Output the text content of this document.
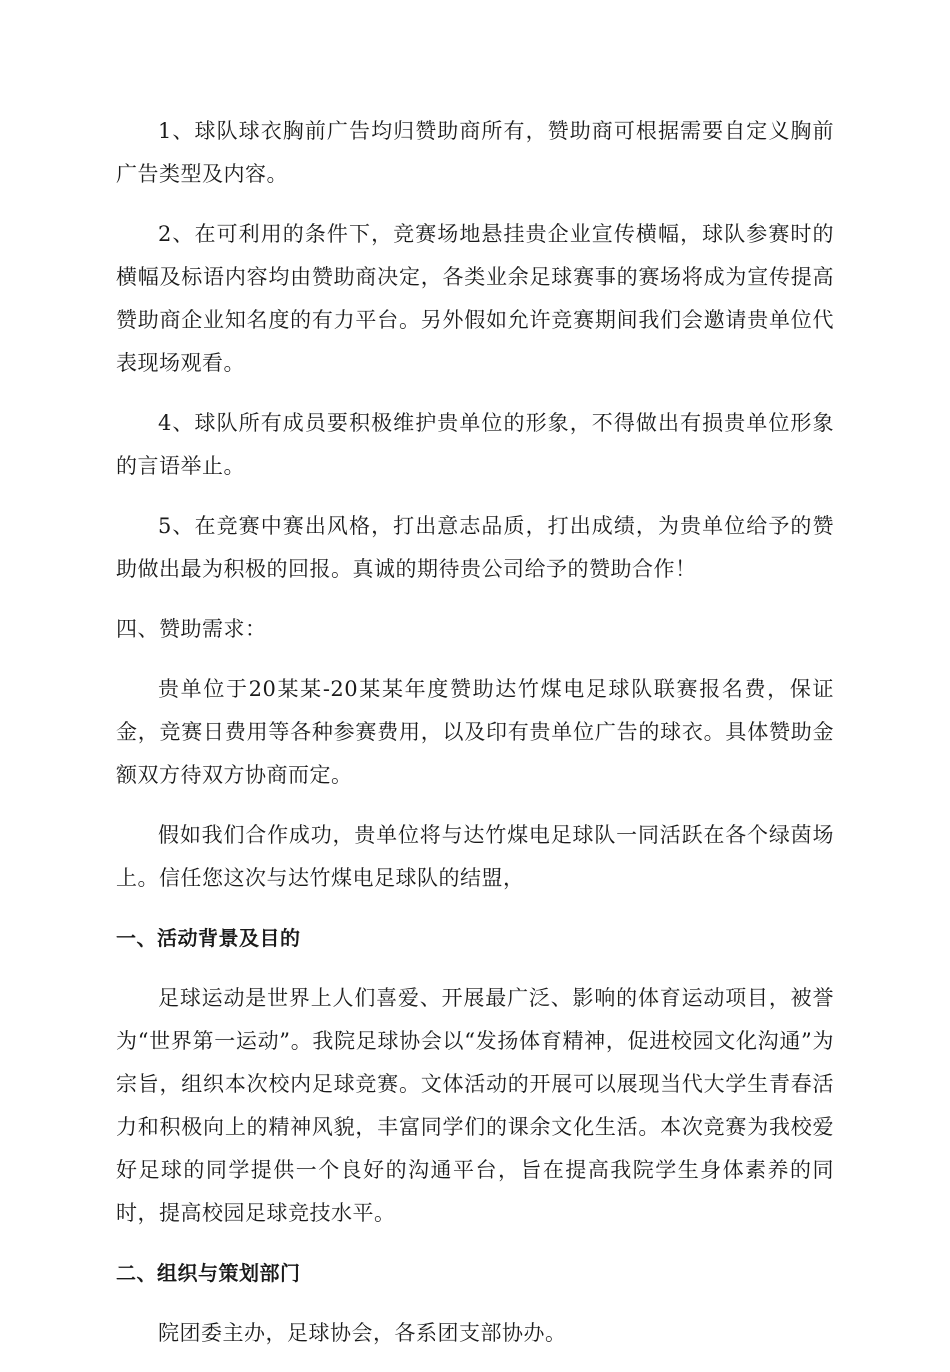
1、球队球衣胸前广告均归赞助商所有，赞助商可根据需要自定义胸前广告类型及内容。

2、在可利用的条件下，竞赛场地悬挂贵企业宣传横幅，球队参赛时的横幅及标语内容均由赞助商决定，各类业余足球赛事的赛场将成为宣传提高赞助商企业知名度的有力平台。另外假如允许竞赛期间我们会邀请贵单位代表现场观看。

4、球队所有成员要积极维护贵单位的形象，不得做出有损贵单位形象的言语举止。

5、在竞赛中赛出风格，打出意志品质，打出成绩，为贵单位给予的赞助做出最为积极的回报。真诚的期待贵公司给予的赞助合作！

四、赞助需求：

贵单位于20某某-20某某年度赞助达竹煤电足球队联赛报名费，保证金，竞赛日费用等各种参赛费用，以及印有贵单位广告的球衣。具体赞助金额双方待双方协商而定。

假如我们合作成功，贵单位将与达竹煤电足球队一同活跃在各个绿茵场上。信任您这次与达竹煤电足球队的结盟，

一、活动背景及目的

足球运动是世界上人们喜爱、开展最广泛、影响的体育运动项目，被誉为“世界第一运动”。我院足球协会以“发扬体育精神，促进校园文化沟通”为宗旨，组织本次校内足球竞赛。文体活动的开展可以展现当代大学生青春活力和积极向上的精神风貌，丰富同学们的课余文化生活。本次竞赛为我校爱好足球的同学提供一个良好的沟通平台，旨在提高我院学生身体素养的同时，提高校园足球竞技水平。

二、组织与策划部门

院团委主办，足球协会，各系团支部协办。
